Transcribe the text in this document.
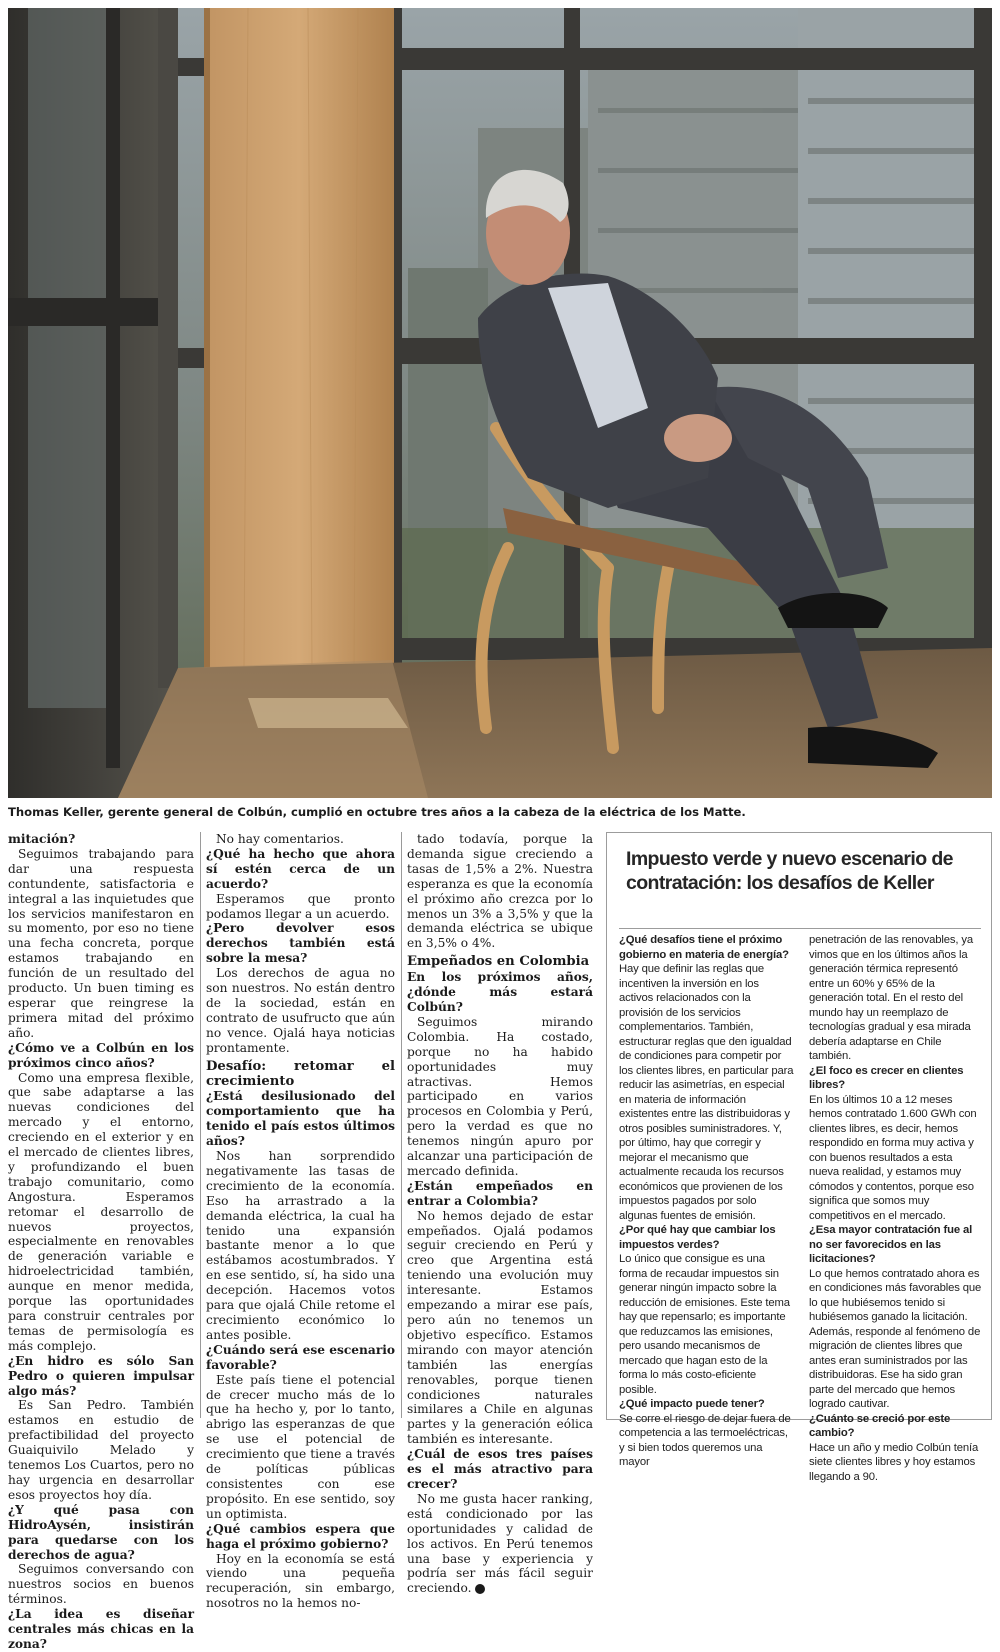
Thomas Keller, gerente general de Colbún, cumplió en octubre tres años a la cabeza de la eléctrica de los Matte.

mitación?

Seguimos trabajando para dar una respuesta contundente, satisfactoria e integral a las inquietudes que los servicios manifestaron en su momento, por eso no tiene una fecha concreta, porque estamos trabajando en función de un resultado del producto. Un buen timing es esperar que reingrese la primera mitad del próximo año.

¿Cómo ve a Colbún en los próximos cinco años?

Como una empresa flexible, que sabe adaptarse a las nuevas condiciones del mercado y el entorno, creciendo en el exterior y en el mercado de clientes libres, y profundizando el buen trabajo comunitario, como Angostura. Esperamos retomar el desarrollo de nuevos proyectos, especialmente en renovables de generación variable e hidroelectricidad también, aunque en menor medida, porque las oportunidades para construir centrales por temas de permisología es más complejo.

¿En hidro es sólo San Pedro o quieren impulsar algo más?

Es San Pedro. También estamos en estudio de prefactibilidad del proyecto Guaiquivilo Melado y tenemos Los Cuartos, pero no hay urgencia en desarrollar esos proyectos hoy día.

¿Y qué pasa con HidroAysén, insistirán para quedarse con los derechos de agua?

Seguimos conversando con nuestros socios en buenos términos.

¿La idea es diseñar centrales más chicas en la zona?

No hay comentarios.

¿Qué ha hecho que ahora sí estén cerca de un acuerdo?

Esperamos que pronto podamos llegar a un acuerdo.

¿Pero devolver esos derechos también está sobre la mesa?

Los derechos de agua no son nuestros. No están dentro de la sociedad, están en contrato de usufructo que aún no vence. Ojalá haya noticias prontamente.

Desafío: retomar el crecimiento

¿Está desilusionado del comportamiento que ha tenido el país estos últimos años?

Nos han sorprendido negativamente las tasas de crecimiento de la economía. Eso ha arrastrado a la demanda eléctrica, la cual ha tenido una expansión bastante menor a lo que estábamos acostumbrados. Y en ese sentido, sí, ha sido una decepción. Hacemos votos para que ojalá Chile retome el crecimiento económico lo antes posible.

¿Cuándo será ese escenario favorable?

Este país tiene el potencial de crecer mucho más de lo que ha hecho y, por lo tanto, abrigo las esperanzas de que se use el potencial de crecimiento que tiene a través de políticas públicas consistentes con ese propósito. En ese sentido, soy un optimista.

¿Qué cambios espera que haga el próximo gobierno?

Hoy en la economía se está viendo una pequeña recuperación, sin embargo, nosotros no la hemos no-

tado todavía, porque la demanda sigue creciendo a tasas de 1,5% a 2%. Nuestra esperanza es que la economía el próximo año crezca por lo menos un 3% a 3,5% y que la demanda eléctrica se ubique en 3,5% o 4%.

Empeñados en Colombia

En los próximos años, ¿dónde más estará Colbún?

Seguimos mirando Colombia. Ha costado, porque no ha habido oportunidades muy atractivas. Hemos participado en varios procesos en Colombia y Perú, pero la verdad es que no tenemos ningún apuro por alcanzar una participación de mercado definida.

¿Están empeñados en entrar a Colombia?

No hemos dejado de estar empeñados. Ojalá podamos seguir creciendo en Perú y creo que Argentina está teniendo una evolución muy interesante. Estamos empezando a mirar ese país, pero aún no tenemos un objetivo específico. Estamos mirando con mayor atención también las energías renovables, porque tienen condiciones naturales similares a Chile en algunas partes y la generación eólica también es interesante.

¿Cuál de esos tres países es el más atractivo para crecer?

No me gusta hacer ranking, está condicionado por las oportunidades y calidad de los activos. En Perú tenemos una base y experiencia y podría ser más fácil seguir creciendo. N

Impuesto verde y nuevo escenario de contratación: los desafíos de Keller

¿Qué desafíos tiene el próximo gobierno en materia de energía?

Hay que definir las reglas que incentiven la inversión en los activos relacionados con la provisión de los servicios complementarios. También, estructurar reglas que den igualdad de condiciones para competir por los clientes libres, en particular para reducir las asimetrías, en especial en materia de información existentes entre las distribuidoras y otros posibles suministradores. Y, por último, hay que corregir y mejorar el mecanismo que actualmente recauda los recursos económicos que provienen de los impuestos pagados por solo algunas fuentes de emisión.

¿Por qué hay que cambiar los impuestos verdes?

Lo único que consigue es una forma de recaudar impuestos sin generar ningún impacto sobre la reducción de emisiones. Este tema hay que repensarlo; es importante que reduzcamos las emisiones, pero usando mecanismos de mercado que hagan esto de la forma lo más costo-eficiente posible.

¿Qué impacto puede tener?

Se corre el riesgo de dejar fuera de competencia a las termoeléctricas, y si bien todos queremos una mayor

penetración de las renovables, ya vimos que en los últimos años la generación térmica representó entre un 60% y 65% de la generación total. En el resto del mundo hay un reemplazo de tecnologías gradual y esa mirada debería adaptarse en Chile también.

¿El foco es crecer en clientes libres?

En los últimos 10 a 12 meses hemos contratado 1.600 GWh con clientes libres, es decir, hemos respondido en forma muy activa y con buenos resultados a esta nueva realidad, y estamos muy cómodos y contentos, porque eso significa que somos muy competitivos en el mercado.

¿Esa mayor contratación fue al no ser favorecidos en las licitaciones?

Lo que hemos contratado ahora es en condiciones más favorables que lo que hubiésemos tenido si hubiésemos ganado la licitación. Además, responde al fenómeno de migración de clientes libres que antes eran suministrados por las distribuidoras. Ese ha sido gran parte del mercado que hemos logrado cautivar.

¿Cuánto se creció por este cambio?

Hace un año y medio Colbún tenía siete clientes libres y hoy estamos llegando a 90.
